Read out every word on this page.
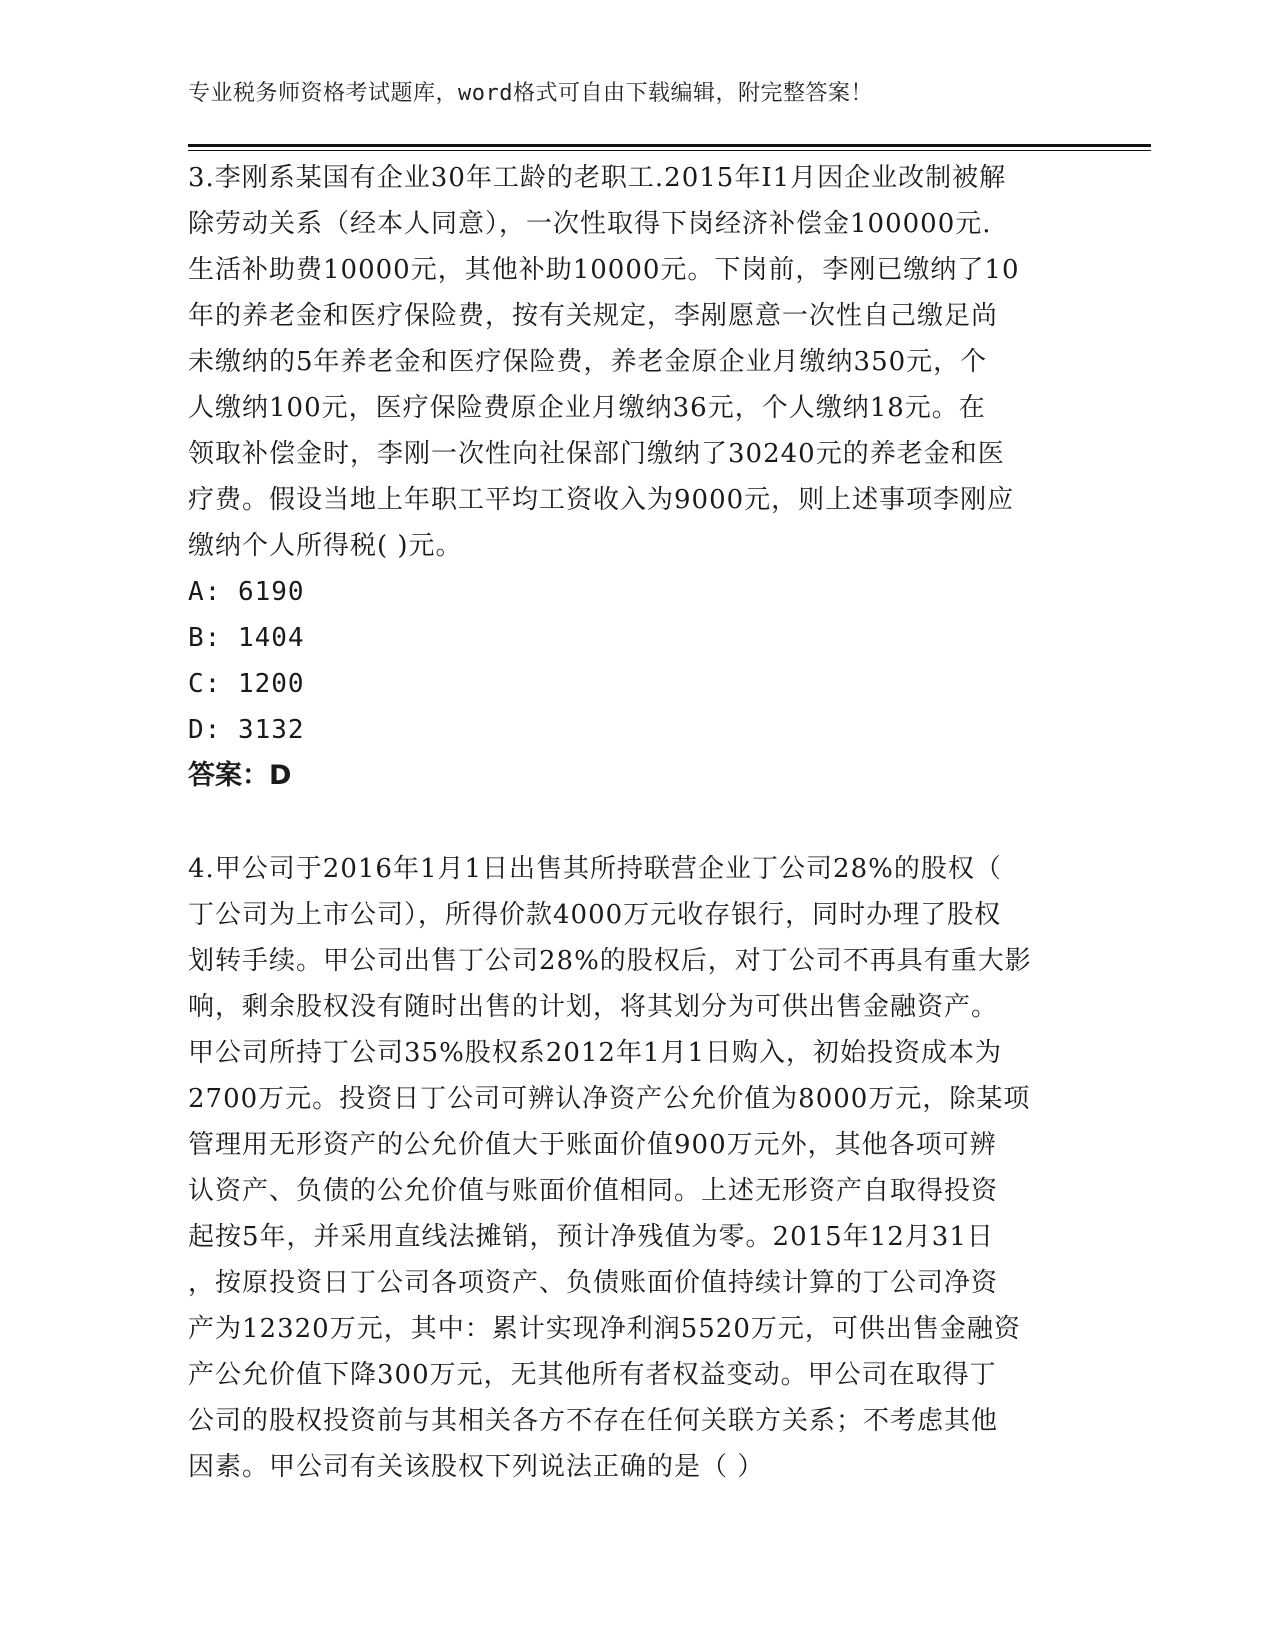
专业税务师资格考试题库，word格式可自由下载编辑，附完整答案！
3.李刚系某国有企业30年工龄的老职工.2015年I1月因企业改制被解
除劳动关系（经本人同意），一次性取得下岗经济补偿金100000元.
生活补助费10000元，其他补助10000元。下岗前，李刚已缴纳了10
年的养老金和医疗保险费，按有关规定，李剐愿意一次性自己缴足尚
未缴纳的5年养老金和医疗保险费，养老金原企业月缴纳350元，个
人缴纳100元，医疗保险费原企业月缴纳36元，个人缴纳18元。在
领取补偿金时，李刚一次性向社保部门缴纳了30240元的养老金和医
疗费。假设当地上年职工平均工资收入为9000元，则上述事项李刚应
缴纳个人所得税( )元。
A: 6190
B: 1404
C: 1200
D: 3132
答案：D
4.甲公司于2016年1月1日出售其所持联营企业丁公司28%的股权（
丁公司为上市公司），所得价款4000万元收存银行，同时办理了股权
划转手续。甲公司出售丁公司28%的股权后，对丁公司不再具有重大影
响，剩余股权没有随时出售的计划，将其划分为可供出售金融资产。
甲公司所持丁公司35%股权系2012年1月1日购入，初始投资成本为
2700万元。投资日丁公司可辨认净资产公允价值为8000万元，除某项
管理用无形资产的公允价值大于账面价值900万元外，其他各项可辨
认资产、负债的公允价值与账面价值相同。上述无形资产自取得投资
起按5年，并采用直线法摊销，预计净残值为零。2015年12月31日
，按原投资日丁公司各项资产、负债账面价值持续计算的丁公司净资
产为12320万元，其中：累计实现净利润5520万元，可供出售金融资
产公允价值下降300万元，无其他所有者权益变动。甲公司在取得丁
公司的股权投资前与其相关各方不存在任何关联方关系；不考虑其他
因素。甲公司有关该股权下列说法正确的是（ ）
